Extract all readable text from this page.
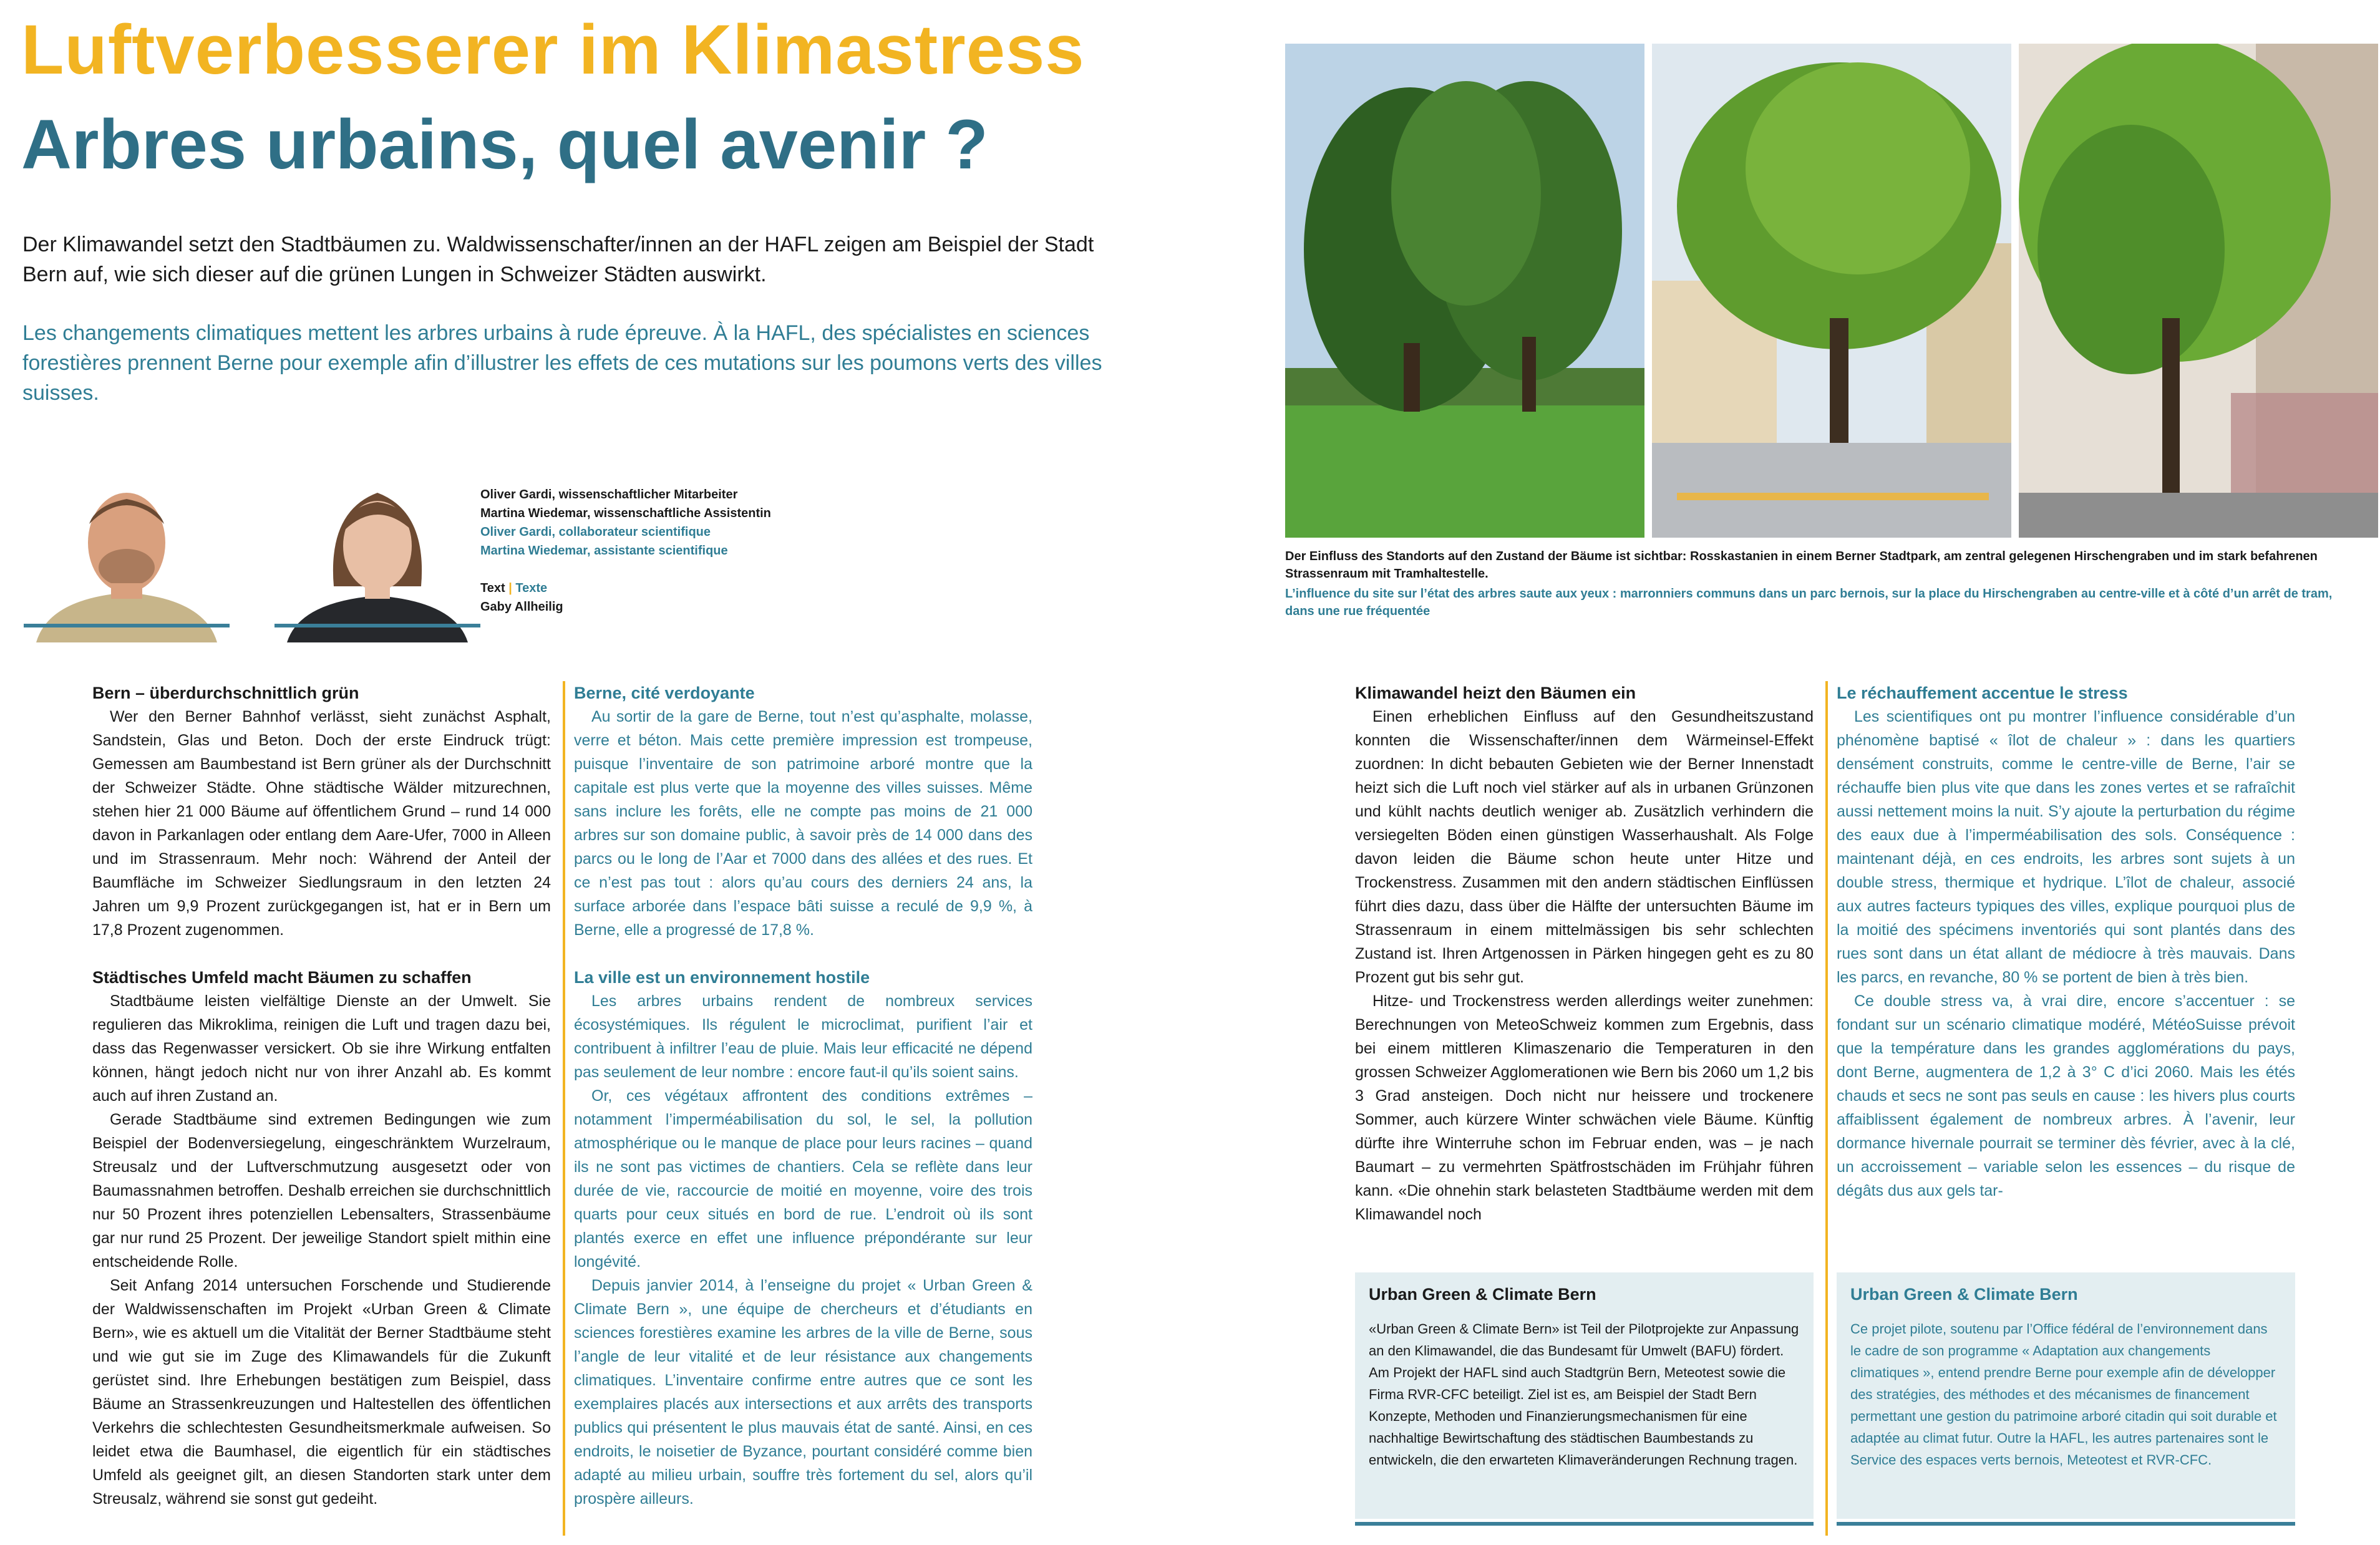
Luftverbesserer im Klimastress
Arbres urbains, quel avenir ?
Der Klimawandel setzt den Stadtbäumen zu. Waldwissenschafter/innen an der HAFL zeigen am Beispiel der Stadt Bern auf, wie sich dieser auf die grünen Lungen in Schweizer Städten auswirkt.
Les changements climatiques mettent les arbres urbains à rude épreuve. À la HAFL, des spécialistes en sciences forestières prennent Berne pour exemple afin d’illustrer les effets de ces mutations sur les poumons verts des villes suisses.
Oliver Gardi, wissenschaftlicher Mitarbeiter
Martina Wiedemar, wissenschaftliche Assistentin
Oliver Gardi, collaborateur scientifique
Martina Wiedemar, assistante scientifique
Text | Texte
Gaby Allheilig
Der Einfluss des Standorts auf den Zustand der Bäume ist sichtbar: Rosskastanien in einem Berner Stadtpark, am zentral gelegenen Hirschengraben und im stark befahrenen Strassenraum mit Tramhaltestelle.
L’influence du site sur l’état des arbres saute aux yeux : marronniers communs dans un parc bernois, sur la place du Hirschengraben au centre-ville et à côté d’un arrêt de tram, dans une rue fréquentée
Bern – überdurchschnittlich grün

Wer den Berner Bahnhof verlässt, sieht zunächst Asphalt, Sandstein, Glas und Beton. Doch der erste Eindruck trügt: Gemessen am Baumbestand ist Bern grüner als der Durchschnitt der Schweizer Städte. Ohne städtische Wälder mitzurechnen, stehen hier 21 000 Bäume auf öffentlichem Grund – rund 14 000 davon in Parkanlagen oder entlang dem Aare-Ufer, 7000 in Alleen und im Strassenraum. Mehr noch: Während der Anteil der Baumfläche im Schweizer Siedlungsraum in den letzten 24 Jahren um 9,9 Prozent zurückgegangen ist, hat er in Bern um 17,8 Prozent zugenommen.

Städtisches Umfeld macht Bäumen zu schaffen

Stadtbäume leisten vielfältige Dienste an der Umwelt. Sie regulieren das Mikroklima, reinigen die Luft und tragen dazu bei, dass das Regenwasser versickert. Ob sie ihre Wirkung entfalten können, hängt jedoch nicht nur von ihrer Anzahl ab. Es kommt auch auf ihren Zustand an.

Gerade Stadtbäume sind extremen Bedingungen wie zum Beispiel der Bodenversiegelung, eingeschränktem Wurzelraum, Streusalz und der Luftverschmutzung ausgesetzt oder von Baumassnahmen betroffen. Deshalb erreichen sie durchschnittlich nur 50 Prozent ihres potenziellen Lebensalters, Strassenbäume gar nur rund 25 Prozent. Der jeweilige Standort spielt mithin eine entscheidende Rolle.

Seit Anfang 2014 untersuchen Forschende und Studierende der Waldwissenschaften im Projekt «Urban Green & Climate Bern», wie es aktuell um die Vitalität der Berner Stadtbäume steht und wie gut sie im Zuge des Klimawandels für die Zukunft gerüstet sind. Ihre Erhebungen bestätigen zum Beispiel, dass Bäume an Strassenkreuzungen und Haltestellen des öffentlichen Verkehrs die schlechtesten Gesundheitsmerkmale aufweisen. So leidet etwa die Baumhasel, die eigentlich für ein städtisches Umfeld als geeignet gilt, an diesen Standorten stark unter dem Streusalz, während sie sonst gut gedeiht.

Berne, cité verdoyante

Au sortir de la gare de Berne, tout n’est qu’asphalte, molasse, verre et béton. Mais cette première impression est trompeuse, puisque l’inventaire de son patrimoine arboré montre que la capitale est plus verte que la moyenne des villes suisses. Même sans inclure les forêts, elle ne compte pas moins de 21 000 arbres sur son domaine public, à savoir près de 14 000 dans des parcs ou le long de l’Aar et 7000 dans des allées et des rues. Et ce n’est pas tout : alors qu’au cours des derniers 24 ans, la surface arborée dans l’espace bâti suisse a reculé de 9,9 %, à Berne, elle a progressé de 17,8 %.

La ville est un environnement hostile

Les arbres urbains rendent de nombreux services écosystémiques. Ils régulent le microclimat, purifient l’air et contribuent à infiltrer l’eau de pluie. Mais leur efficacité ne dépend pas seulement de leur nombre : encore faut-il qu’ils soient sains.

Or, ces végétaux affrontent des conditions extrêmes – notamment l’imperméabilisation du sol, le sel, la pollution atmosphérique ou le manque de place pour leurs racines – quand ils ne sont pas victimes de chantiers. Cela se reflète dans leur durée de vie, raccourcie de moitié en moyenne, voire des trois quarts pour ceux situés en bord de rue. L’endroit où ils sont plantés exerce en effet une influence prépondérante sur leur longévité.

Depuis janvier 2014, à l’enseigne du projet « Urban Green & Climate Bern », une équipe de chercheurs et d’étudiants en sciences forestières examine les arbres de la ville de Berne, sous l’angle de leur vitalité et de leur résistance aux changements climatiques. L’inventaire confirme entre autres que ce sont les exemplaires placés aux intersections et aux arrêts des transports publics qui présentent le plus mauvais état de santé. Ainsi, en ces endroits, le noisetier de Byzance, pourtant considéré comme bien adapté au milieu urbain, souffre très fortement du sel, alors qu’il prospère ailleurs.

Klimawandel heizt den Bäumen ein

Einen erheblichen Einfluss auf den Gesundheitszustand konnten die Wissenschafter/innen dem Wärmeinsel-Effekt zuordnen: In dicht bebauten Gebieten wie der Berner Innenstadt heizt sich die Luft noch viel stärker auf als in urbanen Grünzonen und kühlt nachts deutlich weniger ab. Zusätzlich verhindern die versiegelten Böden einen günstigen Wasserhaushalt. Als Folge davon leiden die Bäume schon heute unter Hitze und Trockenstress. Zusammen mit den andern städtischen Einflüssen führt dies dazu, dass über die Hälfte der untersuchten Bäume im Strassenraum in einem mittelmässigen bis sehr schlechten Zustand ist. Ihren Artgenossen in Pärken hingegen geht es zu 80 Prozent gut bis sehr gut.

Hitze- und Trockenstress werden allerdings weiter zunehmen: Berechnungen von MeteoSchweiz kommen zum Ergebnis, dass bei einem mittleren Klimaszenario die Temperaturen in den grossen Schweizer Agglomerationen wie Bern bis 2060 um 1,2 bis 3 Grad ansteigen. Doch nicht nur heissere und trockenere Sommer, auch kürzere Winter schwächen viele Bäume. Künftig dürfte ihre Winterruhe schon im Februar enden, was – je nach Baumart – zu vermehrten Spätfrostschäden im Frühjahr führen kann. «Die ohnehin stark belasteten Stadtbäume werden mit dem Klimawandel noch

Le réchauffement accentue le stress

Les scientifiques ont pu montrer l’influence considérable d’un phénomène baptisé « îlot de chaleur » : dans les quartiers densément construits, comme le centre-ville de Berne, l’air se réchauffe bien plus vite que dans les zones vertes et se rafraîchit aussi nettement moins la nuit. S’y ajoute la perturbation du régime des eaux due à l’imperméabilisation des sols. Conséquence : maintenant déjà, en ces endroits, les arbres sont sujets à un double stress, thermique et hydrique. L’îlot de chaleur, associé aux autres facteurs typiques des villes, explique pourquoi plus de la moitié des spécimens inventoriés qui sont plantés dans des rues sont dans un état allant de médiocre à très mauvais. Dans les parcs, en revanche, 80 % se portent de bien à très bien.

Ce double stress va, à vrai dire, encore s’accentuer : se fondant sur un scénario climatique modéré, MétéoSuisse prévoit que la température dans les grandes agglomérations du pays, dont Berne, augmentera de 1,2 à 3° C d’ici 2060. Mais les étés chauds et secs ne sont pas seuls en cause : les hivers plus courts affaiblissent également de nombreux arbres. À l’avenir, leur dormance hivernale pourrait se terminer dès février, avec à la clé, un accroissement – variable selon les essences – du risque de dégâts dus aux gels tar-

Urban Green & Climate Bern

«Urban Green & Climate Bern» ist Teil der Pilotprojekte zur Anpassung an den Klimawandel, die das Bundesamt für Umwelt (BAFU) fördert. Am Projekt der HAFL sind auch Stadtgrün Bern, Meteotest sowie die Firma RVR-CFC beteiligt. Ziel ist es, am Beispiel der Stadt Bern Konzepte, Methoden und Finanzierungsmechanismen für eine nachhaltige Bewirtschaftung des städtischen Baumbestands zu entwickeln, die den erwarteten Klimaveränderungen Rechnung tragen.

Urban Green & Climate Bern

Ce projet pilote, soutenu par l’Office fédéral de l’environnement dans le cadre de son programme « Adaptation aux changements climatiques », entend prendre Berne pour exemple afin de développer des stratégies, des méthodes et des mécanismes de financement permettant une gestion du patrimoine arboré citadin qui soit durable et adaptée au climat futur. Outre la HAFL, les autres partenaires sont le Service des espaces verts bernois, Meteotest et RVR-CFC.
